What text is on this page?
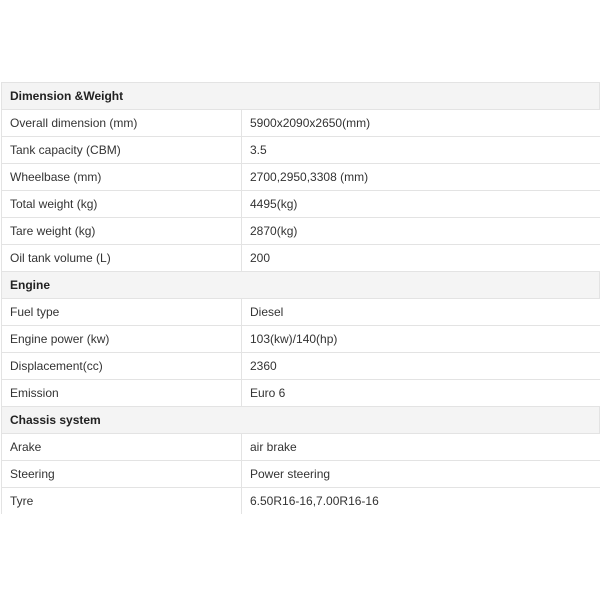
Dimension &Weight	
Overall dimension (mm)	5900x2090x2650(mm)
Tank capacity (CBM)	3.5
Wheelbase (mm)	2700,2950,3308 (mm)
Total weight (kg)	4495(kg)
Tare weight (kg)	2870(kg)
Oil tank volume (L)	200
Engine	
Fuel type	Diesel
Engine power (kw)	103(kw)/140(hp)
Displacement(cc)	2360
Emission	Euro 6
Chassis system	
Arake	air brake
Steering	Power steering
Tyre	6.50R16-16,7.00R16-16
